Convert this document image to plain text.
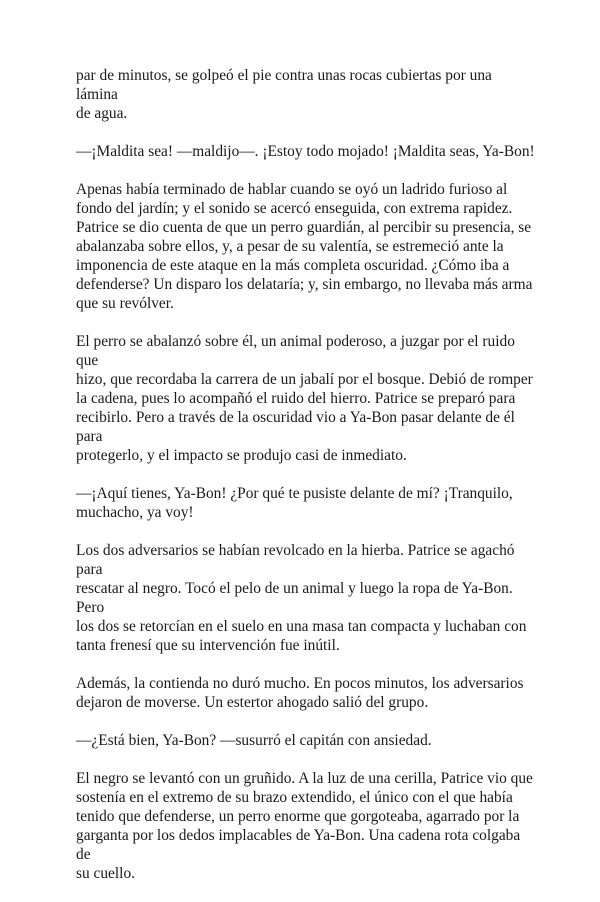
par de minutos, se golpeó el pie contra unas rocas cubiertas por una lámina
de agua.

—¡Maldita sea! —maldijo—. ¡Estoy todo mojado! ¡Maldita seas, Ya-Bon!

Apenas había terminado de hablar cuando se oyó un ladrido furioso al
fondo del jardín; y el sonido se acercó enseguida, con extrema rapidez.
Patrice se dio cuenta de que un perro guardián, al percibir su presencia, se
abalanzaba sobre ellos, y, a pesar de su valentía, se estremeció ante la
imponencia de este ataque en la más completa oscuridad. ¿Cómo iba a
defenderse? Un disparo los delataría; y, sin embargo, no llevaba más arma
que su revólver.

El perro se abalanzó sobre él, un animal poderoso, a juzgar por el ruido que
hizo, que recordaba la carrera de un jabalí por el bosque. Debió de romper
la cadena, pues lo acompañó el ruido del hierro. Patrice se preparó para
recibirlo. Pero a través de la oscuridad vio a Ya-Bon pasar delante de él para
protegerlo, y el impacto se produjo casi de inmediato.

—¡Aquí tienes, Ya-Bon! ¿Por qué te pusiste delante de mí? ¡Tranquilo,
muchacho, ya voy!

Los dos adversarios se habían revolcado en la hierba. Patrice se agachó para
rescatar al negro. Tocó el pelo de un animal y luego la ropa de Ya-Bon. Pero
los dos se retorcían en el suelo en una masa tan compacta y luchaban con
tanta frenesí que su intervención fue inútil.

Además, la contienda no duró mucho. En pocos minutos, los adversarios
dejaron de moverse. Un estertor ahogado salió del grupo.

—¿Está bien, Ya-Bon? —susurró el capitán con ansiedad.

El negro se levantó con un gruñido. A la luz de una cerilla, Patrice vio que
sostenía en el extremo de su brazo extendido, el único con el que había
tenido que defenderse, un perro enorme que gorgoteaba, agarrado por la
garganta por los dedos implacables de Ya-Bon. Una cadena rota colgaba de
su cuello.
